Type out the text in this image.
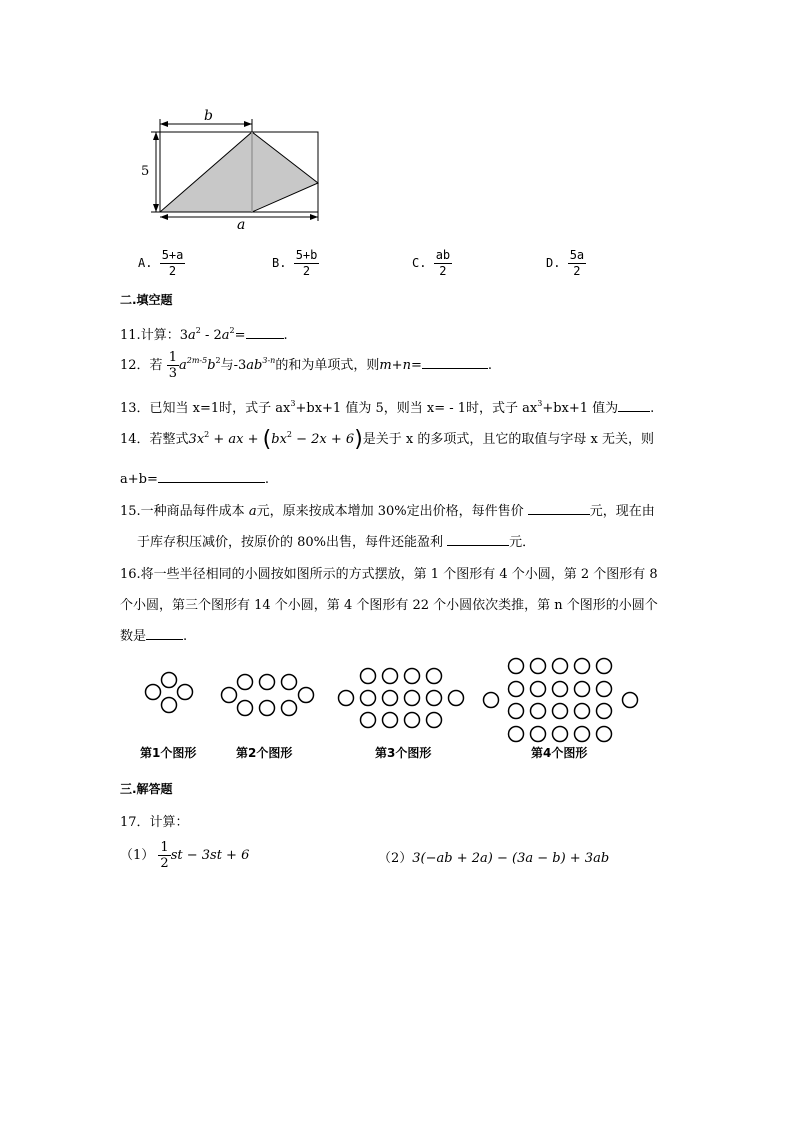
b
5
a
A. $\frac{5+a}{2}$	B. $\frac{5+b}{2}$	C. $\frac{ab}{2}$	D. $\frac{5a}{2}$
二.填空题
11.计算：$3a^2 - 2a^2=$	.
12．若 $\frac{1}{3} a^{2m-5}b^2$与$-3ab^{3-n}$的和为单项式，则m+n=	.
13．已知当 x=1时，式子 $ax^3+bx+1$ 值为 5，则当 x= - 1时，式子 $ax^3+bx+1$ 值为 .
14．若整式$3x^2$ + ax + $(bx^2 - 2x + 6)$是关于 x 的多项式，且它的取值与字母 x 无关，则
a+b=	.
15.一种商品每件成本 a元，原来按成本增加 30%定出价格，每件售价	元，现在由
于库存积压减价，按原价的 80%出售，每件还能盈利	元．
16.将一些半径相同的小圆按如图所示的方式摆放，第 1 个图形有 4 个小圆，第 2 个图形有 8
个小圆，第三个图形有 14 个小圆，第 4 个图形有 22 个小圆依次类推，第 n 个图形的小圆个
数是	.
第1个图形	第2个图形	第3个图形	第4个图形
三.解答题
17．计算：
$(1) \frac{1}{2}$ st − 3st + 6	（2）3(−ab + 2a) − (3a − b) + 3ab
